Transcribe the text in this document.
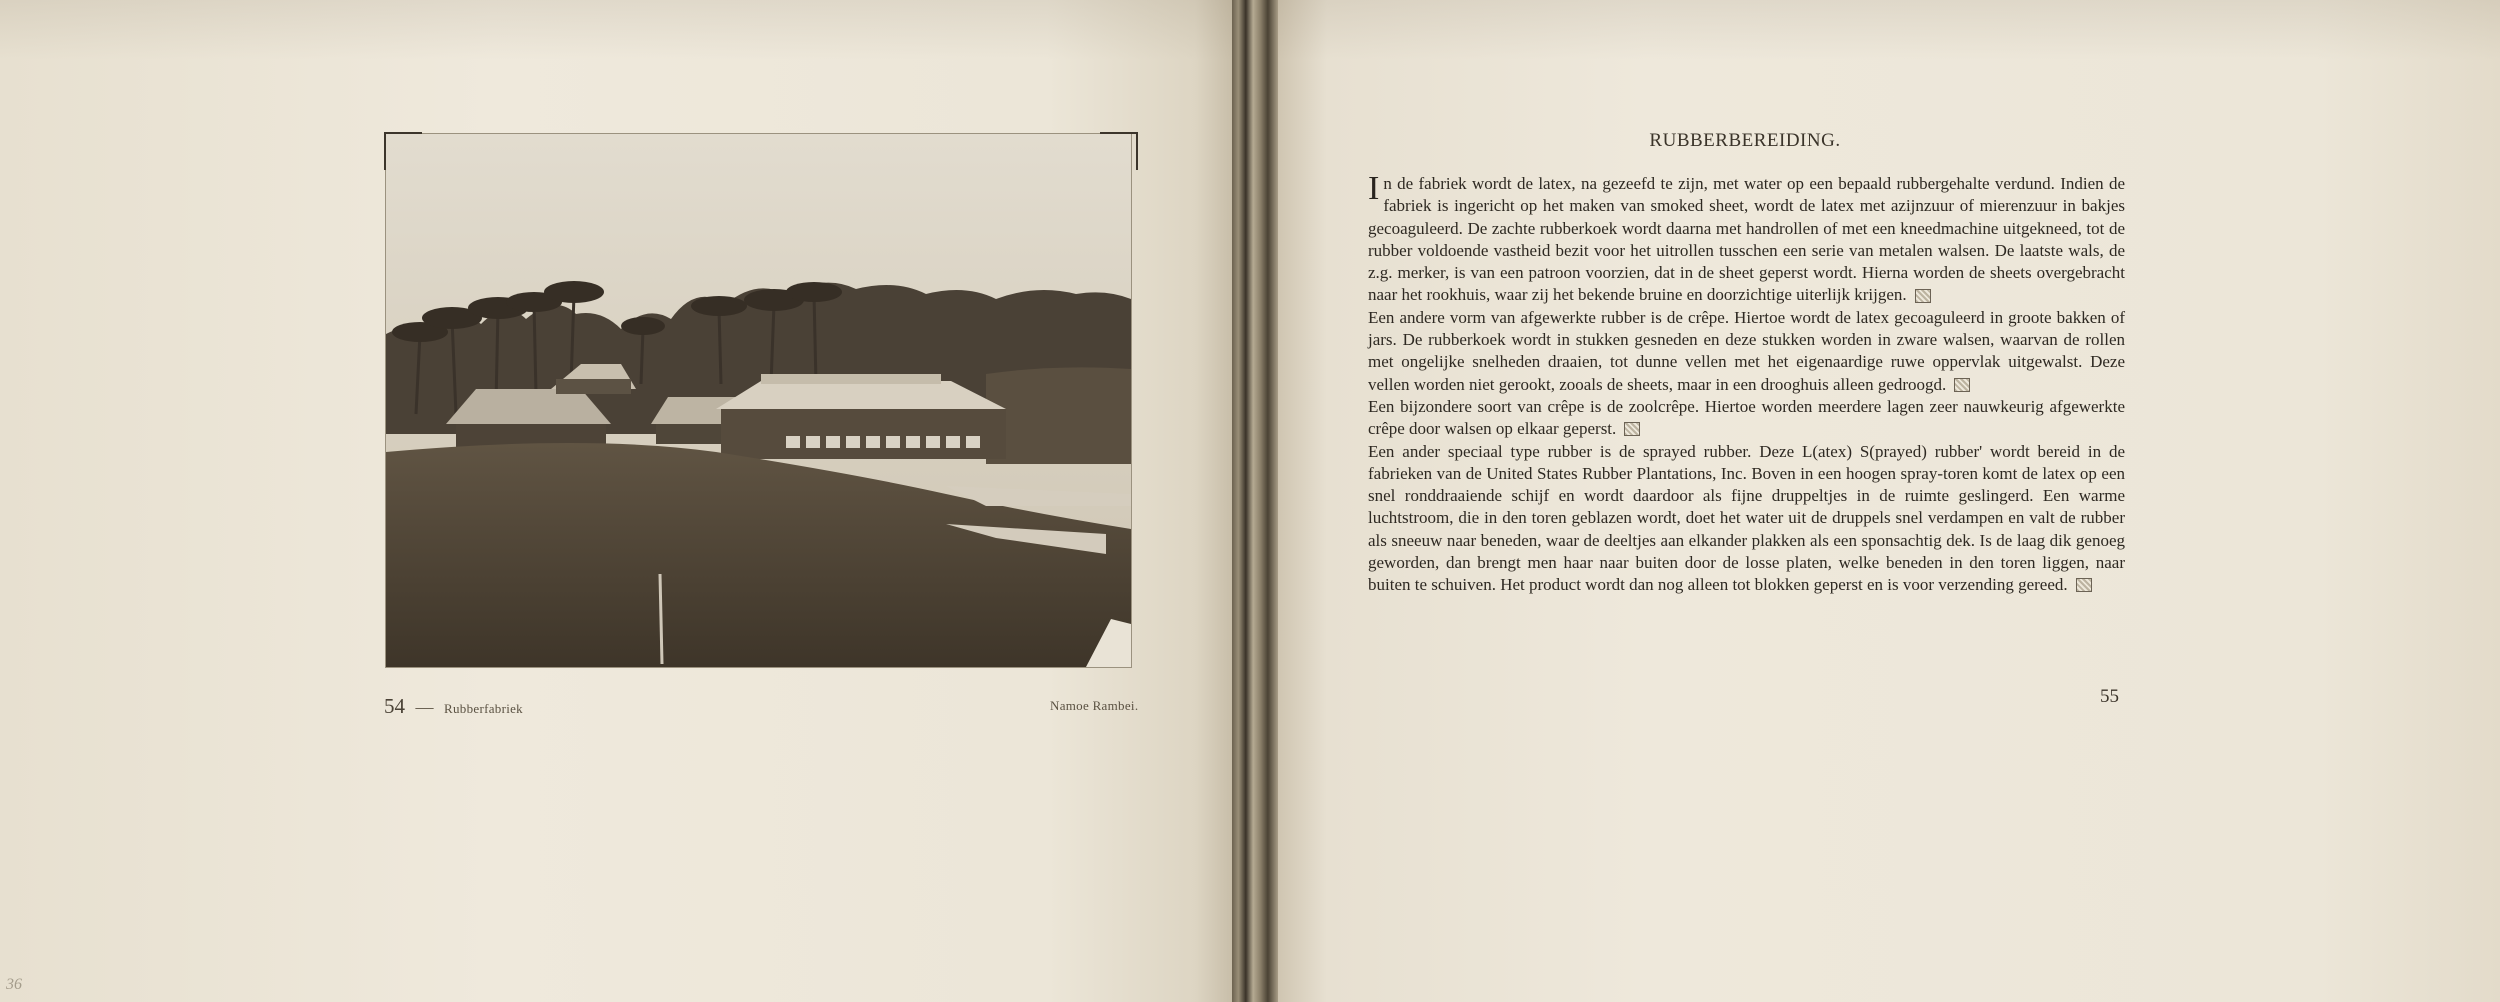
54 — Rubberfabriek	Namoe Rambei.
36
RUBBERBEREIDING.

In de fabriek wordt de latex, na gezeefd te zijn, met water op een bepaald rubbergehalte verdund. Indien de fabriek is ingericht op het maken van smoked sheet, wordt de latex met azijnzuur of mierenzuur in bakjes gecoaguleerd. De zachte rubberkoek wordt daarna met handrollen of met een kneedmachine uitgekneed, tot de rubber voldoende vastheid bezit voor het uitrollen tusschen een serie van metalen walsen. De laatste wals, de z.g. merker, is van een patroon voorzien, dat in de sheet geperst wordt. Hierna worden de sheets overgebracht naar het rookhuis, waar zij het bekende bruine en doorzichtige uiterlijk krijgen.

Een andere vorm van afgewerkte rubber is de crêpe. Hiertoe wordt de latex gecoaguleerd in groote bakken of jars. De rubberkoek wordt in stukken gesneden en deze stukken worden in zware walsen, waarvan de rollen met ongelijke snelheden draaien, tot dunne vellen met het eigenaardige ruwe oppervlak uitgewalst. Deze vellen worden niet gerookt, zooals de sheets, maar in een drooghuis alleen gedroogd.

Een bijzondere soort van crêpe is de zoolcrêpe. Hiertoe worden meerdere lagen zeer nauwkeurig afgewerkte crêpe door walsen op elkaar geperst.

Een ander speciaal type rubber is de sprayed rubber. Deze L(atex) S(prayed) rubber' wordt bereid in de fabrieken van de United States Rubber Plantations, Inc. Boven in een hoogen spray-toren komt de latex op een snel ronddraaiende schijf en wordt daardoor als fijne druppeltjes in de ruimte geslingerd. Een warme luchtstroom, die in den toren geblazen wordt, doet het water uit de druppels snel verdampen en valt de rubber als sneeuw naar beneden, waar de deeltjes aan elkander plakken als een sponsachtig dek. Is de laag dik genoeg geworden, dan brengt men haar naar buiten door de losse platen, welke beneden in den toren liggen, naar buiten te schuiven. Het product wordt dan nog alleen tot blokken geperst en is voor verzending gereed.

55
